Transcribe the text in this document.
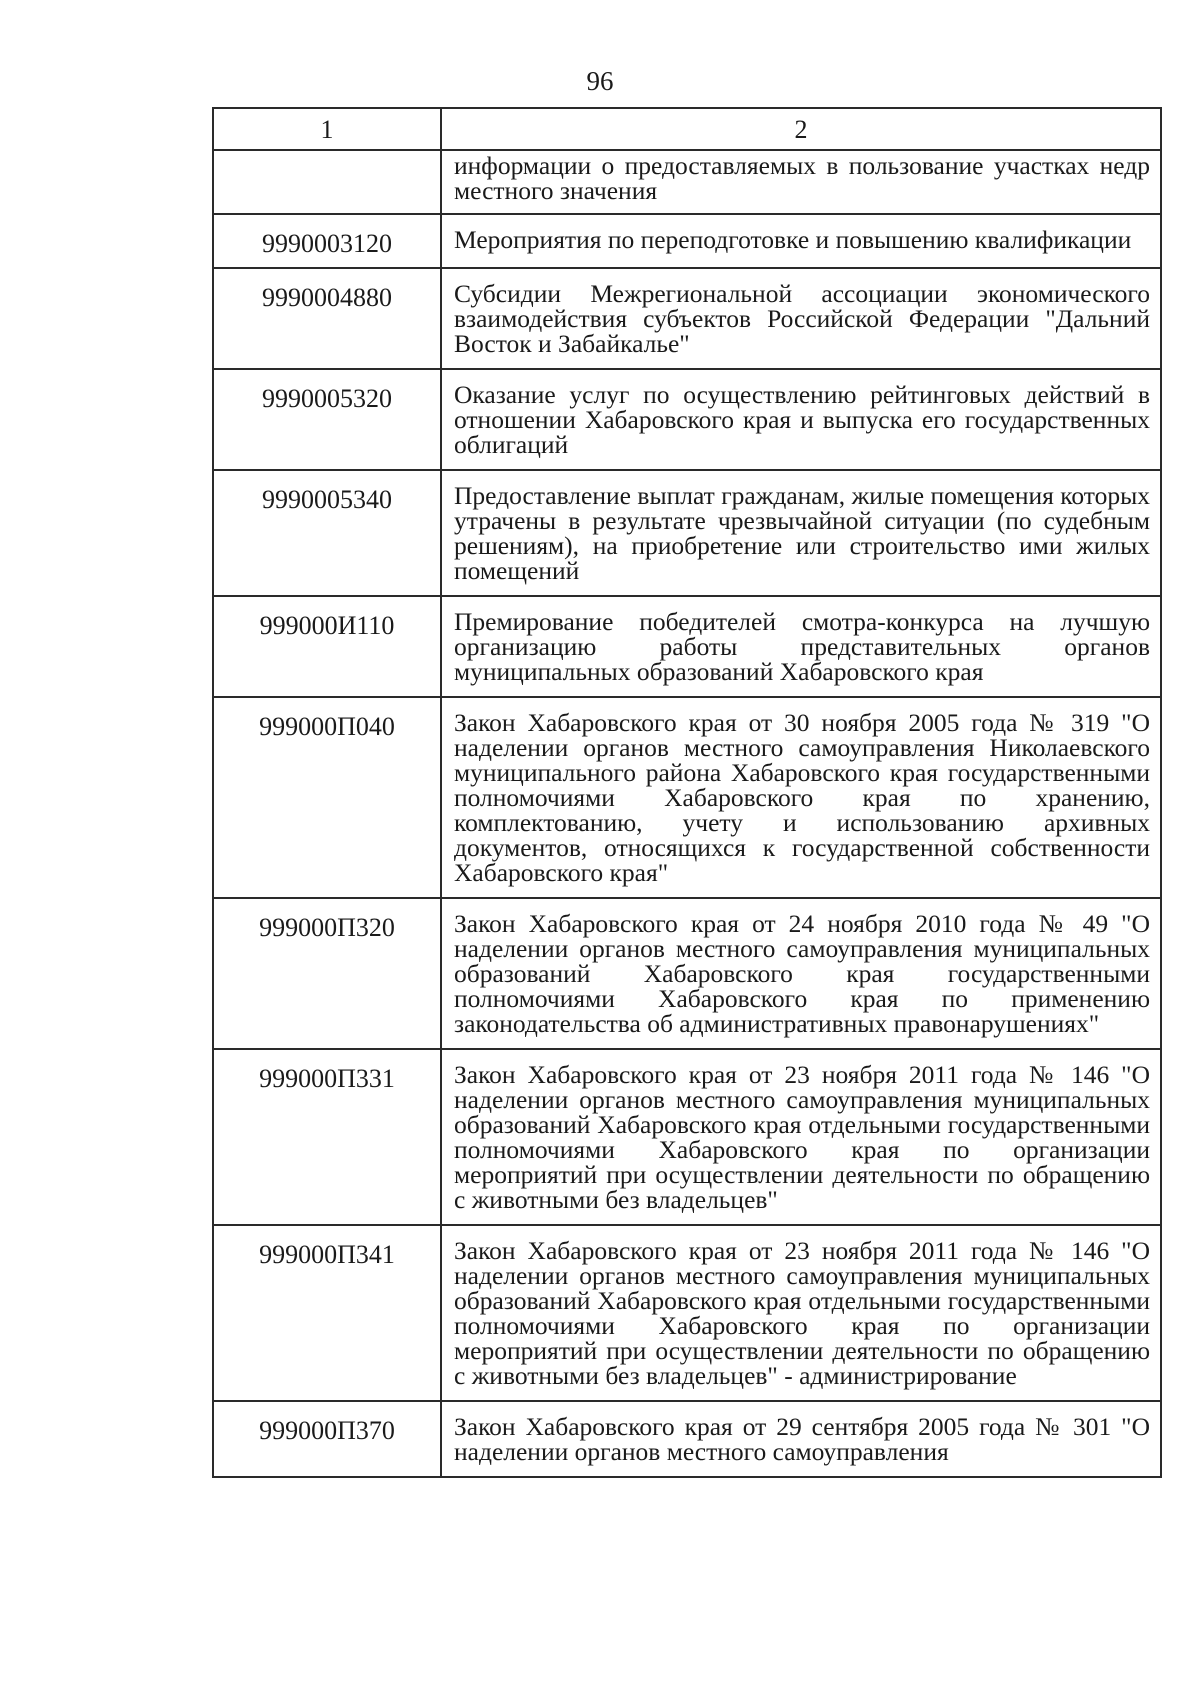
96
1	2
	информации о предоставляемых в пользование участках недр местного значения
9990003120	Мероприятия по переподготовке и повышению квалификации
9990004880	Субсидии Межрегиональной ассоциации экономического взаимодействия субъектов Российской Федерации "Дальний Восток и Забайкалье"
9990005320	Оказание услуг по осуществлению рейтинговых действий в отношении Хабаровского края и выпуска его государственных облигаций
9990005340	Предоставление выплат гражданам, жилые помещения которых утрачены в результате чрезвычайной ситуации (по судебным решениям), на приобретение или строительство ими жилых помещений
999000И110	Премирование победителей смотра-конкурса на лучшую организацию работы представительных органов муниципальных образований Хабаровского края
999000П040	Закон Хабаровского края от 30 ноября 2005 года № 319 "О наделении органов местного самоуправления Николаевского муниципального района Хабаровского края государственными полномочиями Хабаровского края по хранению, комплектованию, учету и использованию архивных документов, относящихся к государственной собственности Хабаровского края"
999000П320	Закон Хабаровского края от 24 ноября 2010 года № 49 "О наделении органов местного самоуправления муниципальных образований Хабаровского края государственными полномочиями Хабаровского края по применению законодательства об административных правонарушениях"
999000П331	Закон Хабаровского края от 23 ноября 2011 года № 146 "О наделении органов местного самоуправления муниципальных образований Хабаровского края отдельными государственными полномочиями Хабаровского края по организации мероприятий при осуществлении деятельности по обращению с животными без владельцев"
999000П341	Закон Хабаровского края от 23 ноября 2011 года № 146 "О наделении органов местного самоуправления муниципальных образований Хабаровского края отдельными государственными полномочиями Хабаровского края по организации мероприятий при осуществлении деятельности по обращению с животными без владельцев" - администрирование
999000П370	Закон Хабаровского края от 29 сентября 2005 года № 301 "О наделении органов местного самоуправления
